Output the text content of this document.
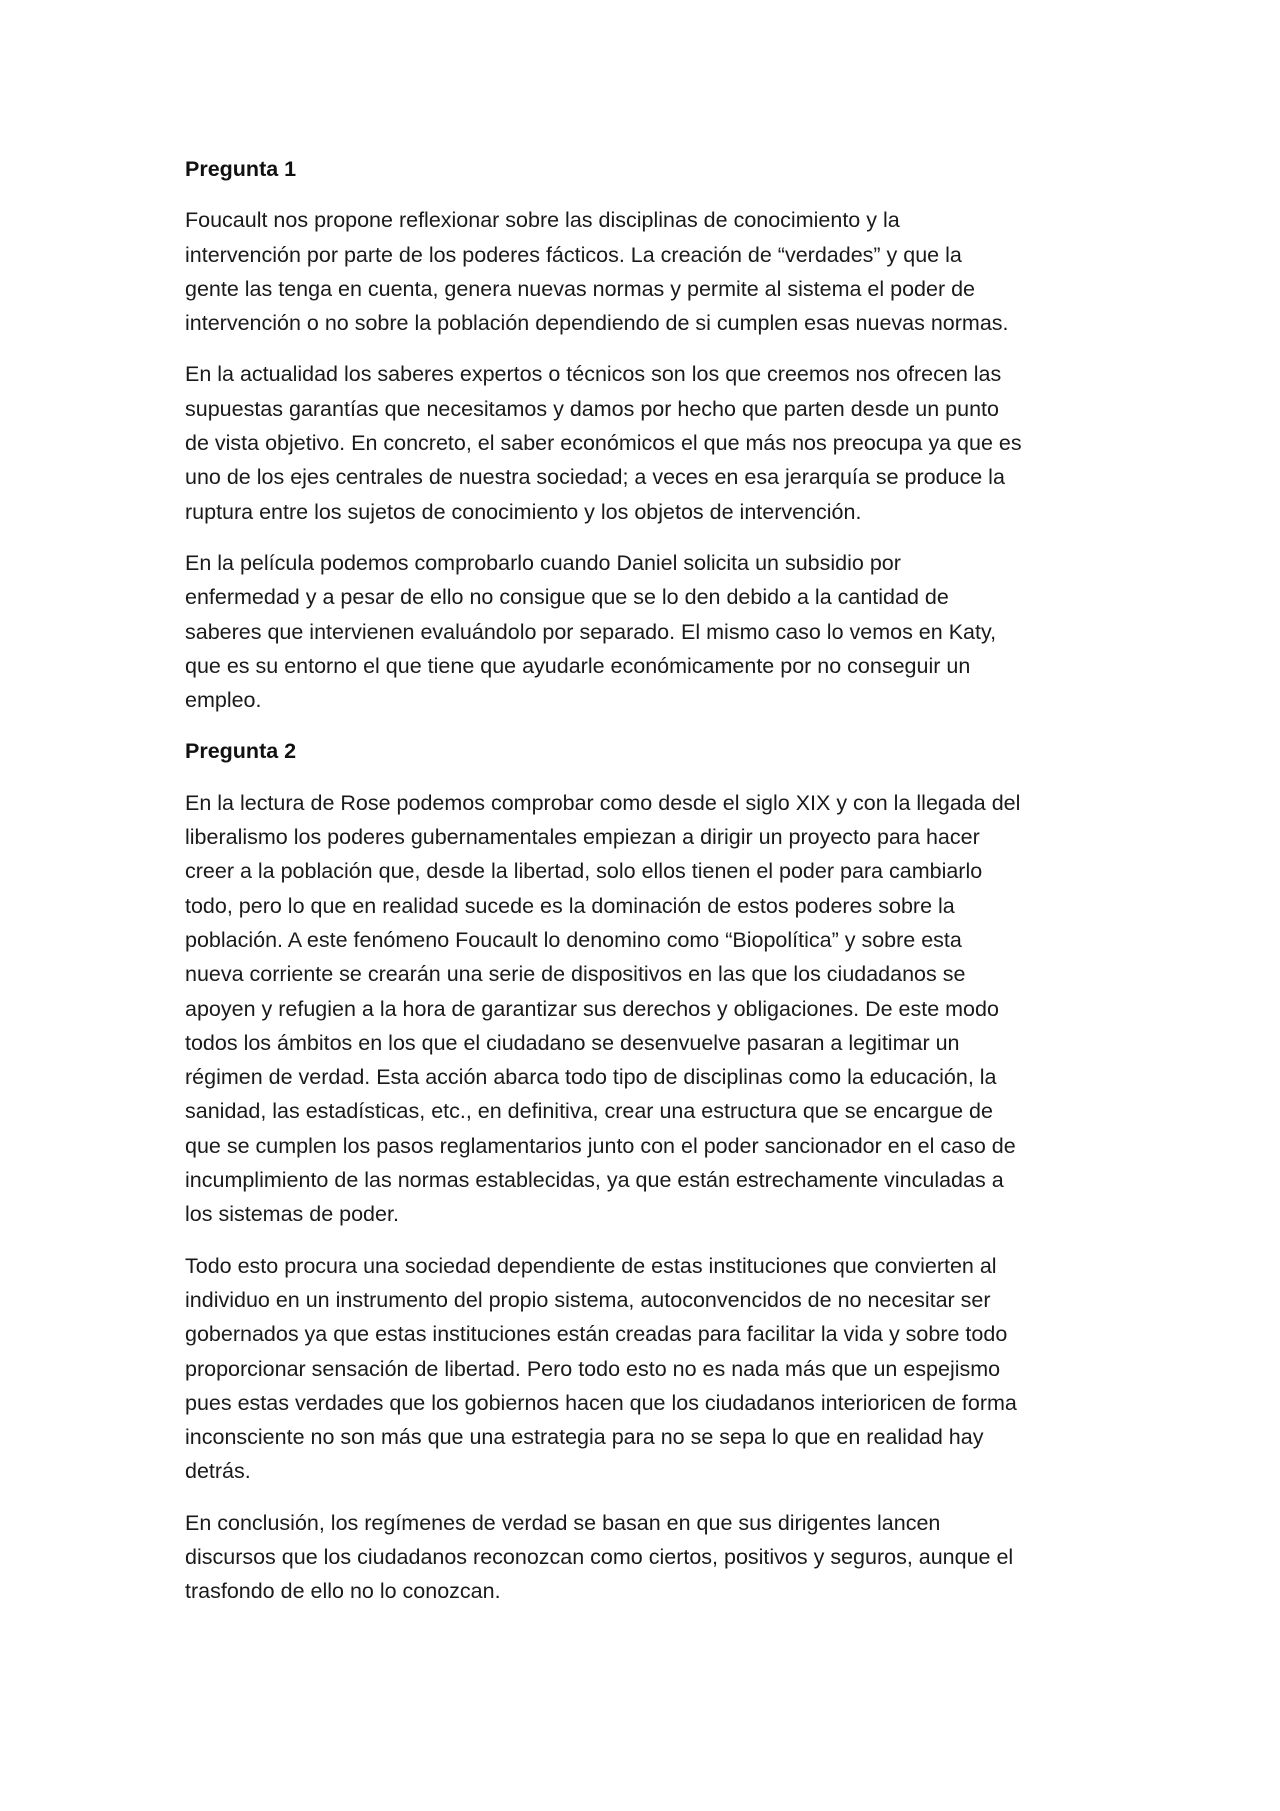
Pregunta 1
Foucault nos propone reflexionar sobre las disciplinas de conocimiento y la
intervención por parte de los poderes fácticos. La creación de “verdades” y que la
gente las tenga en cuenta, genera nuevas normas y permite al sistema el poder de
intervención o no sobre la población dependiendo de si cumplen esas nuevas normas.
En la actualidad los saberes expertos o técnicos son los que creemos nos ofrecen las
supuestas garantías que necesitamos y damos por hecho que parten desde un punto
de vista objetivo. En concreto, el saber económicos el que más nos preocupa ya que es
uno de los ejes centrales de nuestra sociedad; a veces en esa jerarquía se produce la
ruptura entre los sujetos de conocimiento y los objetos de intervención.
En la película podemos comprobarlo cuando Daniel solicita un subsidio por
enfermedad y a pesar de ello no consigue que se lo den debido a la cantidad de
saberes que intervienen evaluándolo por separado. El mismo caso lo vemos en Katy,
que es su entorno el que tiene que ayudarle económicamente por no conseguir un
empleo.
Pregunta 2
En la lectura de Rose podemos comprobar como desde el siglo XIX y con la llegada del
liberalismo los poderes gubernamentales empiezan a dirigir un proyecto para hacer
creer a la población que, desde la libertad, solo ellos tienen el poder para cambiarlo
todo, pero lo que en realidad sucede es la dominación de estos poderes sobre la
población. A este fenómeno Foucault lo denomino como “Biopolítica” y sobre esta
nueva corriente se crearán una serie de dispositivos en las que los ciudadanos se
apoyen y refugien a la hora de garantizar sus derechos y obligaciones. De este modo
todos los ámbitos en los que el ciudadano se desenvuelve pasaran a legitimar un
régimen de verdad. Esta acción abarca todo tipo de disciplinas como la educación, la
sanidad, las estadísticas, etc., en definitiva, crear una estructura que se encargue de
que se cumplen los pasos reglamentarios junto con el poder sancionador en el caso de
incumplimiento de las normas establecidas, ya que están estrechamente vinculadas a
los sistemas de poder.
Todo esto procura una sociedad dependiente de estas instituciones que convierten al
individuo en un instrumento del propio sistema, autoconvencidos de no necesitar ser
gobernados ya que estas instituciones están creadas para facilitar la vida y sobre todo
proporcionar sensación de libertad. Pero todo esto no es nada más que un espejismo
pues estas verdades que los gobiernos hacen que los ciudadanos interioricen de forma
inconsciente no son más que una estrategia para no se sepa lo que en realidad hay
detrás.
En conclusión, los regímenes de verdad se basan en que sus dirigentes lancen
discursos que los ciudadanos reconozcan como ciertos, positivos y seguros, aunque el
trasfondo de ello no lo conozcan.
